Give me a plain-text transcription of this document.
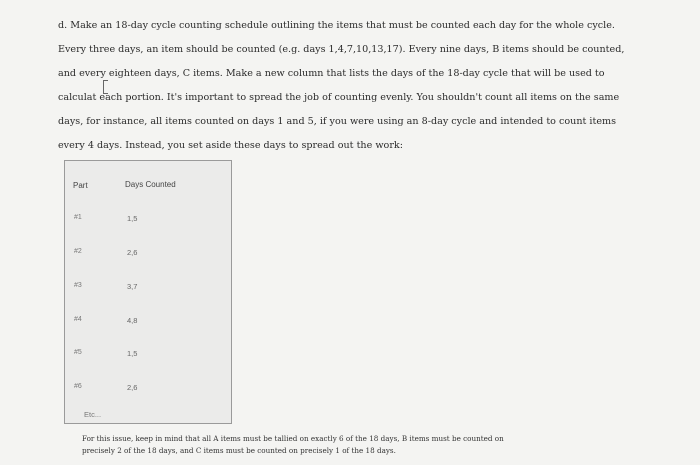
d. Make an 18-day cycle counting schedule outlining the items that must be counted each day for the whole cycle.
Every three days, an item should be counted (e.g. days 1,4,7,10,13,17). Every nine days, B items should be counted,
and every eighteen days, C items. Make a new column that lists the days of the 18-day cycle that will be used to
calculat each portion. It's important to spread the job of counting evenly. You shouldn't count all items on the same
days, for instance, all items counted on days 1 and 5, if you were using an 8-day cycle and intended to count items
every 4 days. Instead, you set aside these days to spread out the work:
Part	Days Counted
#1	1,5
#2	2,6
#3	3,7
#4	4,8
#5	1,5
#6	2,6
Etc...
For this issue, keep in mind that all A items must be tallied on exactly 6 of the 18 days, B items must be counted on
precisely 2 of the 18 days, and C items must be counted on precisely 1 of the 18 days.
